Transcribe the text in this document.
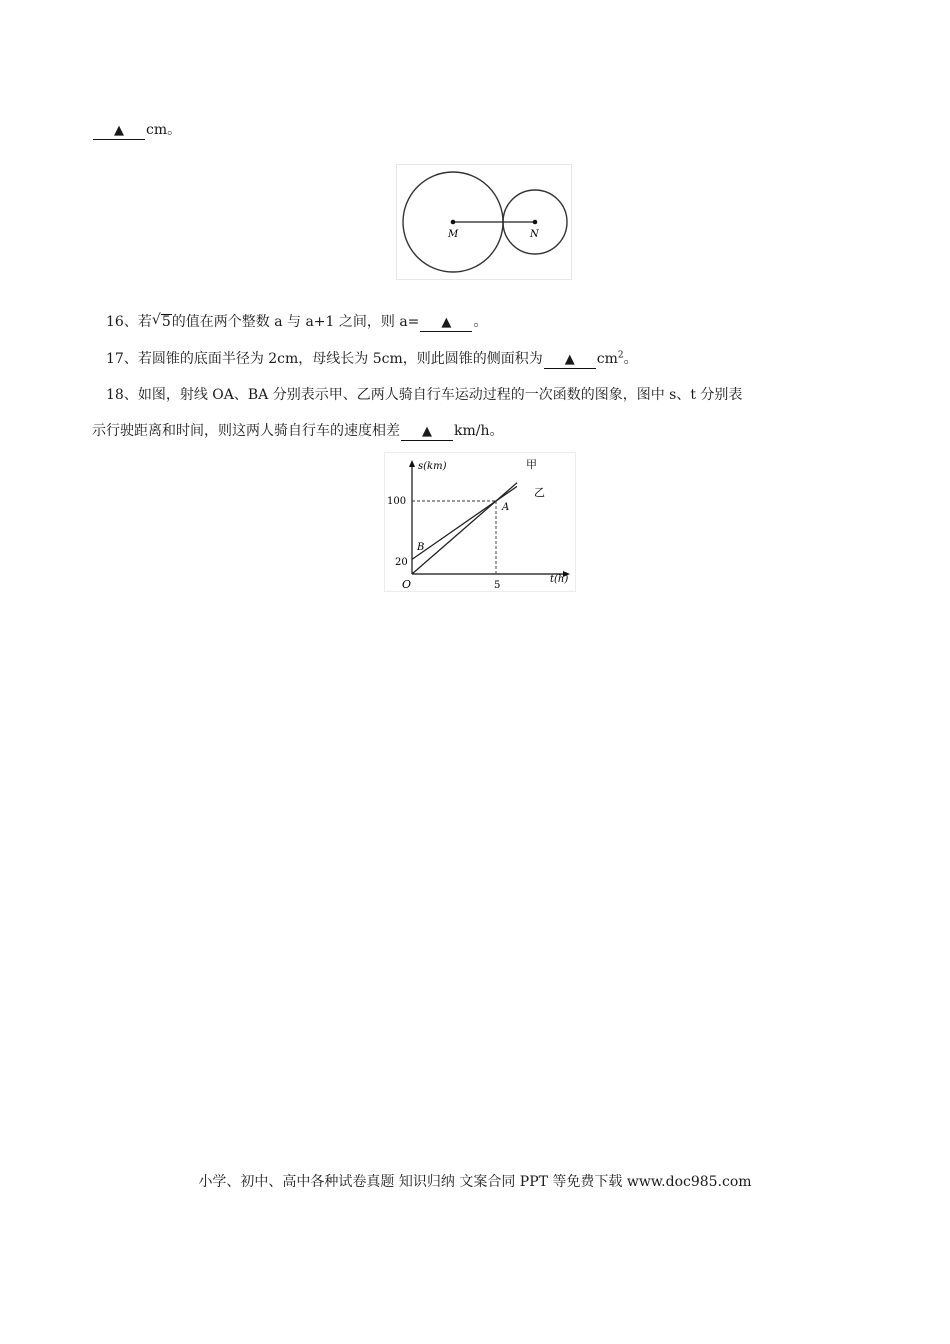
▲ cm。
M	N
16、若 √ 5的值在两个整数 a 与 a+1 之间，则 a= ▲ 。
17、若圆锥的底面半径为 2cm，母线长为 5cm，则此圆锥的侧面积为 ▲ $cm^2$。
18、如图，射线 OA、BA 分别表示甲、乙两人骑自行车运动过程的一次函数的图象，图中 s、t 分别表
示行驶距离和时间，则这两人骑自行车的速度相差 ▲ km/h。
s(km)
t(h)
O
100
20
5
A
B
甲
乙
小学、初中、高中各种试卷真题 知识归纳 文案合同 PPT 等免费下载 www.doc985.com
